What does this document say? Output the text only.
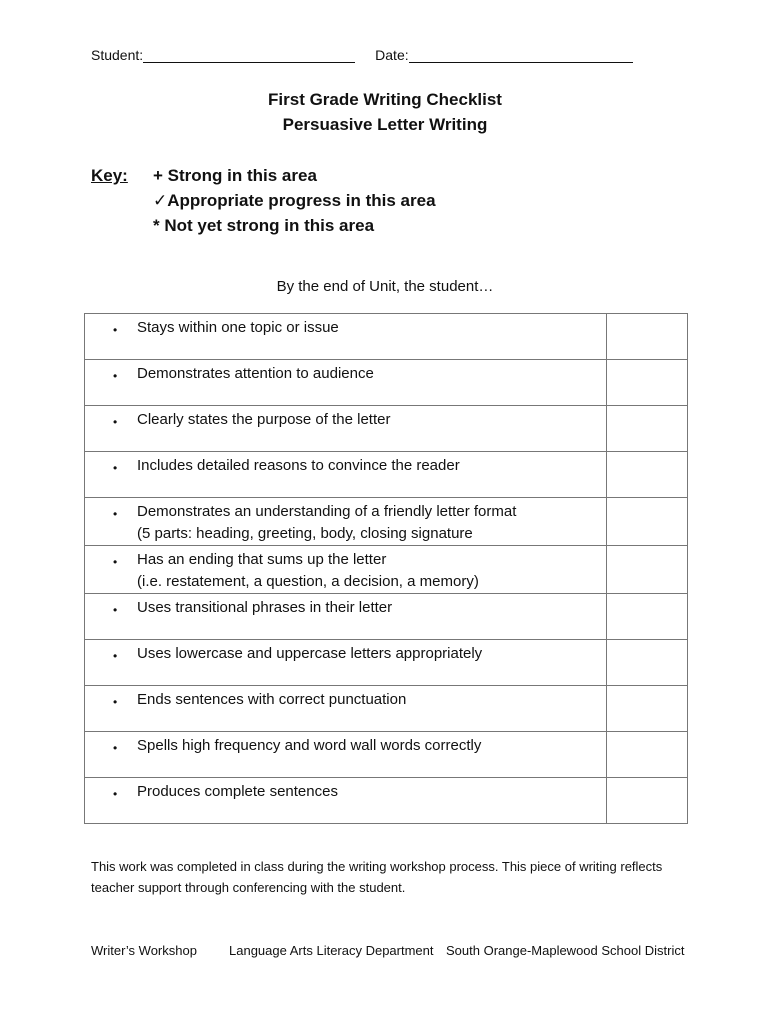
Student:	Date:
First Grade Writing Checklist
Persuasive Letter Writing
Key: + Strong in this area
✓Appropriate progress in this area
* Not yet strong in this area
By the end of Unit, the student…
• Stays within one topic or issue	

• Demonstrates attention to audience	

• Clearly states the purpose of the letter	

• Includes detailed reasons to convince the reader	

• Demonstrates an understanding of a friendly letter format
(5 parts: heading, greeting, body, closing signature	

• Has an ending that sums up the letter
(i.e. restatement, a question, a decision, a memory)	

• Uses transitional phrases in their letter	

• Uses lowercase and uppercase letters appropriately	

• Ends sentences with correct punctuation	

• Spells high frequency and word wall words correctly	

• Produces complete sentences	

This work was completed in class during the writing workshop process. This piece of writing reflects teacher support through conferencing with the student.
Writer’s Workshop Language Arts Literacy Department South Orange-Maplewood School District
